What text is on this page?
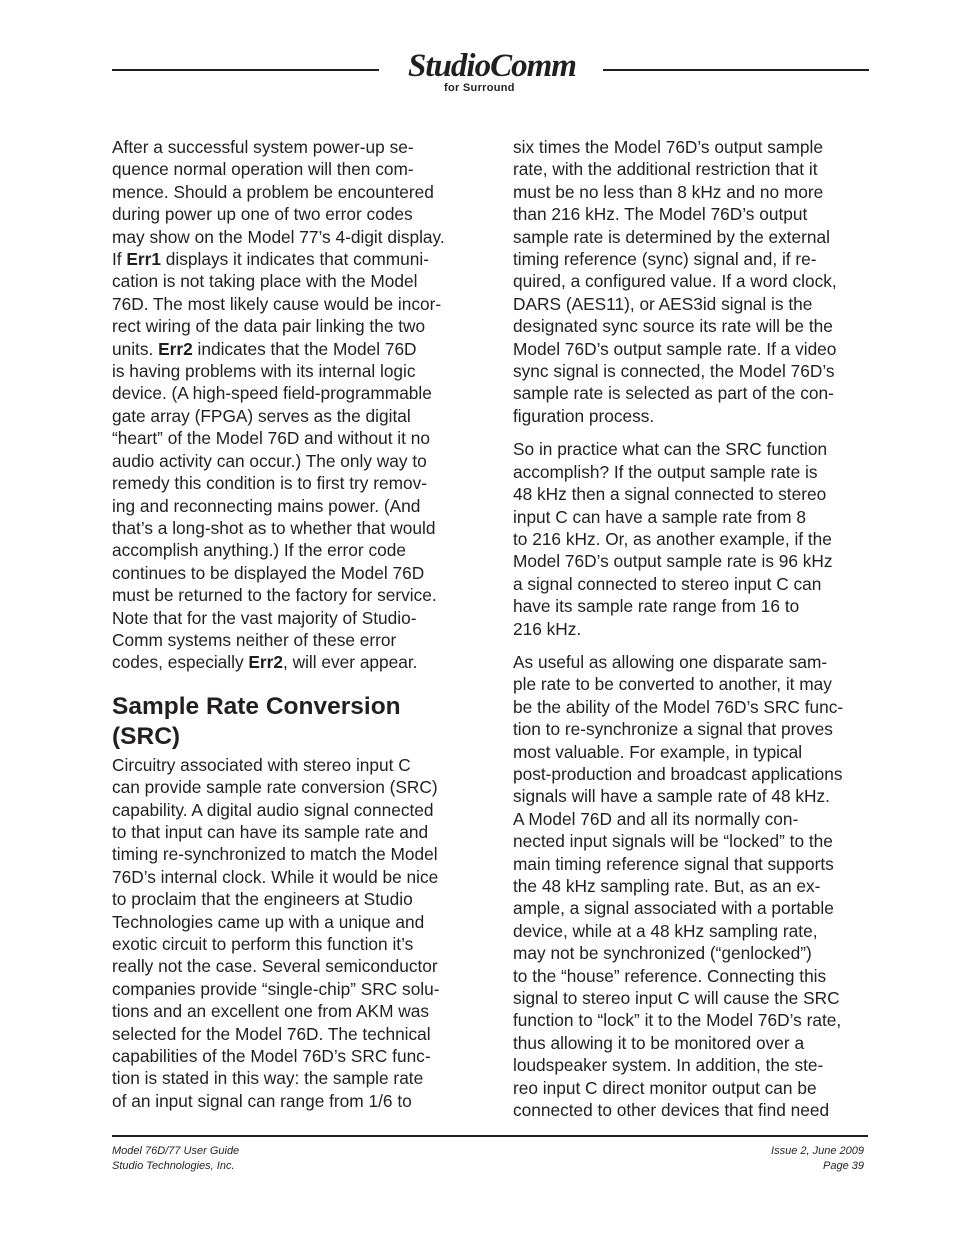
StudioComm
for Surround

After a successful system power-up se-
quence normal operation will then com-
mence. Should a problem be encountered
during power up one of two error codes
may show on the Model 77’s 4-digit display.
If Err1 displays it indicates that communi-
cation is not taking place with the Model
76D. The most likely cause would be incor-
rect wiring of the data pair linking the two
units. Err2 indicates that the Model 76D
is having problems with its internal logic
device. (A high-speed field-programmable
gate array (FPGA) serves as the digital
“heart” of the Model 76D and without it no
audio activity can occur.) The only way to
remedy this condition is to first try remov-
ing and reconnecting mains power. (And
that’s a long-shot as to whether that would
accomplish anything.) If the error code
continues to be displayed the Model 76D
must be returned to the factory for service.
Note that for the vast majority of Studio-
Comm systems neither of these error
codes, especially Err2, will ever appear.

Sample Rate Conversion
(SRC)

Circuitry associated with stereo input C
can provide sample rate conversion (SRC)
capability. A digital audio signal connected
to that input can have its sample rate and
timing re-synchronized to match the Model
76D’s internal clock. While it would be nice
to proclaim that the engineers at Studio
Technologies came up with a unique and
exotic circuit to perform this function it’s
really not the case. Several semiconductor
companies provide “single-chip” SRC solu-
tions and an excellent one from AKM was
selected for the Model 76D. The technical
capabilities of the Model 76D’s SRC func-
tion is stated in this way: the sample rate
of an input signal can range from 1/6 to

six times the Model 76D’s output sample
rate, with the additional restriction that it
must be no less than 8 kHz and no more
than 216 kHz. The Model 76D’s output
sample rate is determined by the external
timing reference (sync) signal and, if re-
quired, a configured value. If a word clock,
DARS (AES11), or AES3id signal is the
designated sync source its rate will be the
Model 76D’s output sample rate. If a video
sync signal is connected, the Model 76D’s
sample rate is selected as part of the con-
figuration process.

So in practice what can the SRC function
accomplish? If the output sample rate is
48 kHz then a signal connected to stereo
input C can have a sample rate from 8
to 216 kHz. Or, as another example, if the
Model 76D’s output sample rate is 96 kHz
a signal connected to stereo input C can
have its sample rate range from 16 to
216 kHz.

As useful as allowing one disparate sam-
ple rate to be converted to another, it may
be the ability of the Model 76D’s SRC func-
tion to re-synchronize a signal that proves
most valuable. For example, in typical
post-production and broadcast applications
signals will have a sample rate of 48 kHz.
A Model 76D and all its normally con-
nected input signals will be “locked” to the
main timing reference signal that supports
the 48 kHz sampling rate. But, as an ex-
ample, a signal associated with a portable
device, while at a 48 kHz sampling rate,
may not be synchronized (“genlocked”)
to the “house” reference. Connecting this
signal to stereo input C will cause the SRC
function to “lock” it to the Model 76D’s rate,
thus allowing it to be monitored over a
loudspeaker system. In addition, the ste-
reo input C direct monitor output can be
connected to other devices that find need

Model 76D/77 User Guide
Studio Technologies, Inc.
Issue 2, June 2009
Page 39
